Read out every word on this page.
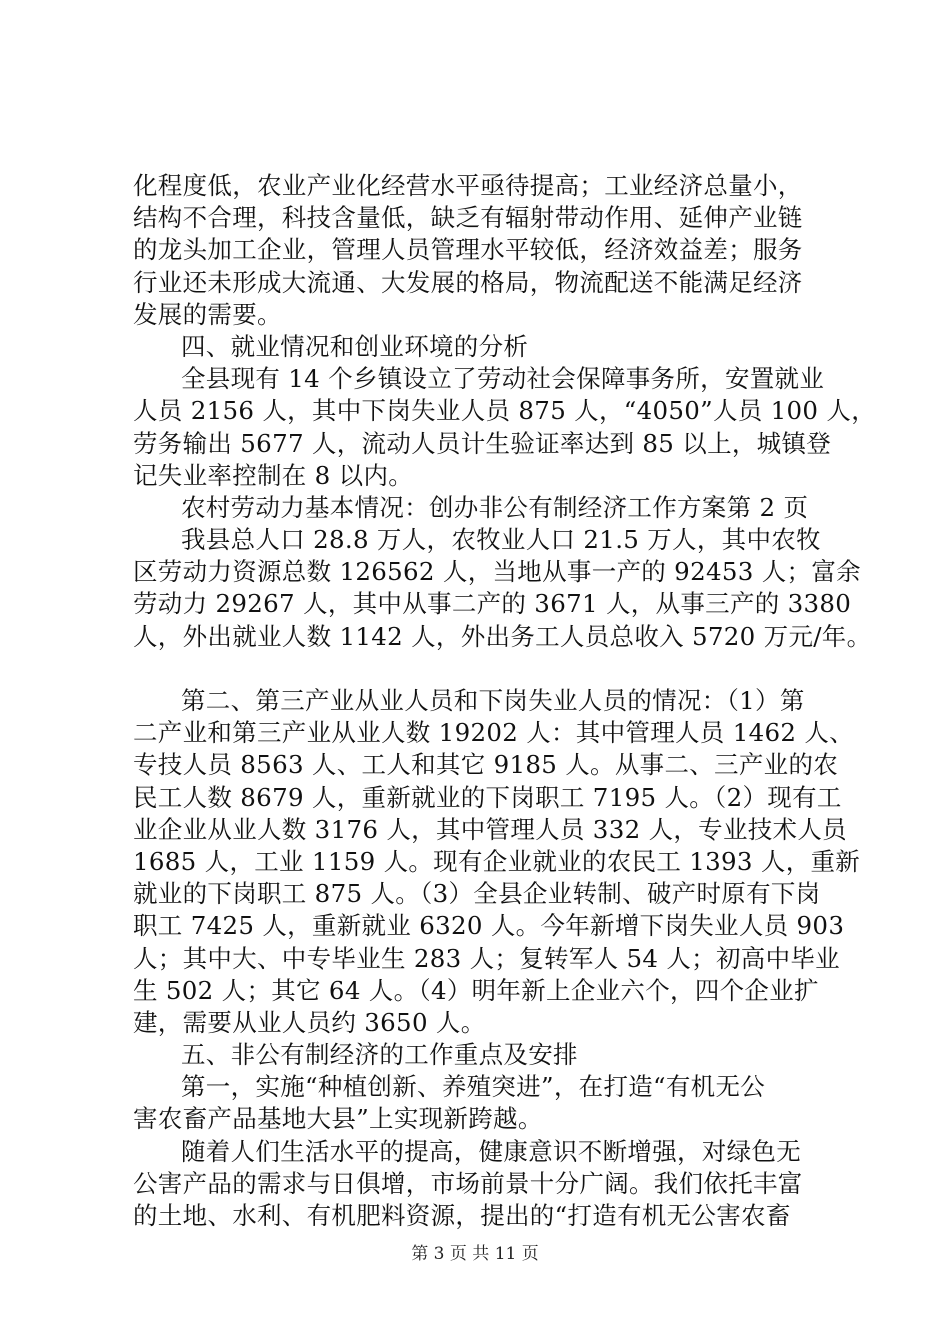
化程度低，农业产业化经营水平亟待提高；工业经济总量小，
结构不合理，科技含量低，缺乏有辐射带动作用、延伸产业链
的龙头加工企业，管理人员管理水平较低，经济效益差；服务
行业还未形成大流通、大发展的格局，物流配送不能满足经济
发展的需要。
四、就业情况和创业环境的分析
全县现有 14 个乡镇设立了劳动社会保障事务所，安置就业
人员 2156 人，其中下岗失业人员 875 人，“4050”人员 100 人，
劳务输出 5677 人，流动人员计生验证率达到 85 以上，城镇登
记失业率控制在 8 以内。
农村劳动力基本情况：创办非公有制经济工作方案第 2 页
我县总人口 28.8 万人，农牧业人口 21.5 万人，其中农牧
区劳动力资源总数 126562 人，当地从事一产的 92453 人；富余
劳动力 29267 人，其中从事二产的 3671 人，从事三产的 3380
人，外出就业人数 1142 人，外出务工人员总收入 5720 万元/年。
第二、第三产业从业人员和下岗失业人员的情况：（1）第
二产业和第三产业从业人数 19202 人：其中管理人员 1462 人、
专技人员 8563 人、工人和其它 9185 人。从事二、三产业的农
民工人数 8679 人，重新就业的下岗职工 7195 人。（2）现有工
业企业从业人数 3176 人，其中管理人员 332 人，专业技术人员
1685 人，工业 1159 人。现有企业就业的农民工 1393 人，重新
就业的下岗职工 875 人。（3）全县企业转制、破产时原有下岗
职工 7425 人，重新就业 6320 人。今年新增下岗失业人员 903
人；其中大、中专毕业生 283 人；复转军人 54 人；初高中毕业
生 502 人；其它 64 人。（4）明年新上企业六个，四个企业扩
建，需要从业人员约 3650 人。
五、非公有制经济的工作重点及安排
第一，实施“种植创新、养殖突进”，在打造“有机无公
害农畜产品基地大县”上实现新跨越。
随着人们生活水平的提高，健康意识不断增强，对绿色无
公害产品的需求与日俱增，市场前景十分广阔。我们依托丰富
的土地、水利、有机肥料资源，提出的“打造有机无公害农畜
第 3 页 共 11 页
